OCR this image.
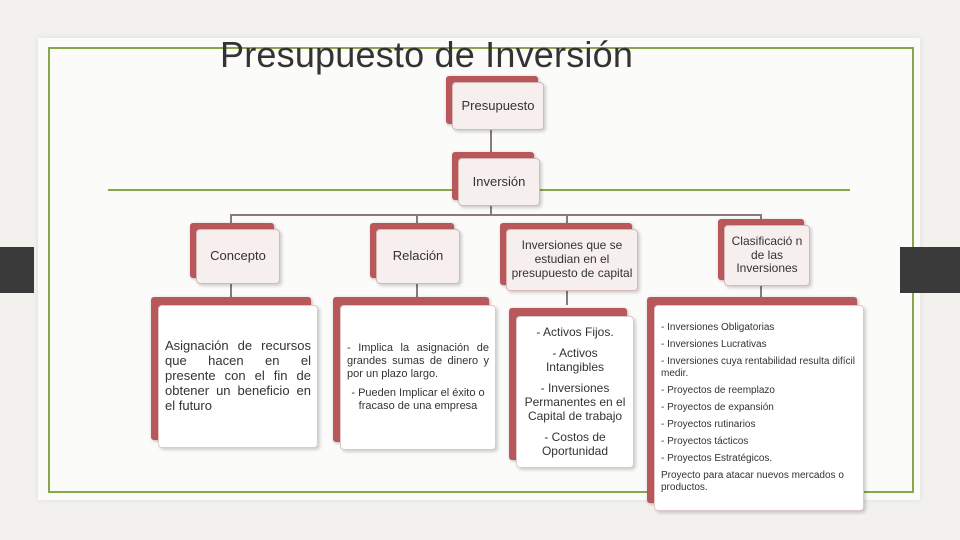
Presupuesto de Inversión
Presupuesto
Inversión
Concepto	Relación
Inversiones que se estudian en el presupuesto de capital
Clasificació n de las Inversiones

Asignación de recursos que hacen en el presente con el fin de obtener un beneficio en el futuro

- Implica la asignación de grandes sumas de dinero y por un plazo largo.

- Pueden Implicar el éxito o fracaso de una empresa

- Activos Fijos.

- Activos Intangibles

- Inversiones Permanentes en el Capital de trabajo

- Costos de Oportunidad

- Inversiones Obligatorias

- Inversiones Lucrativas

- Inversiones cuya rentabilidad resulta difícil medir.

- Proyectos de reemplazo

- Proyectos de expansión

- Proyectos rutinarios

- Proyectos tácticos

- Proyectos Estratégicos.

Proyecto para atacar nuevos mercados o productos.
